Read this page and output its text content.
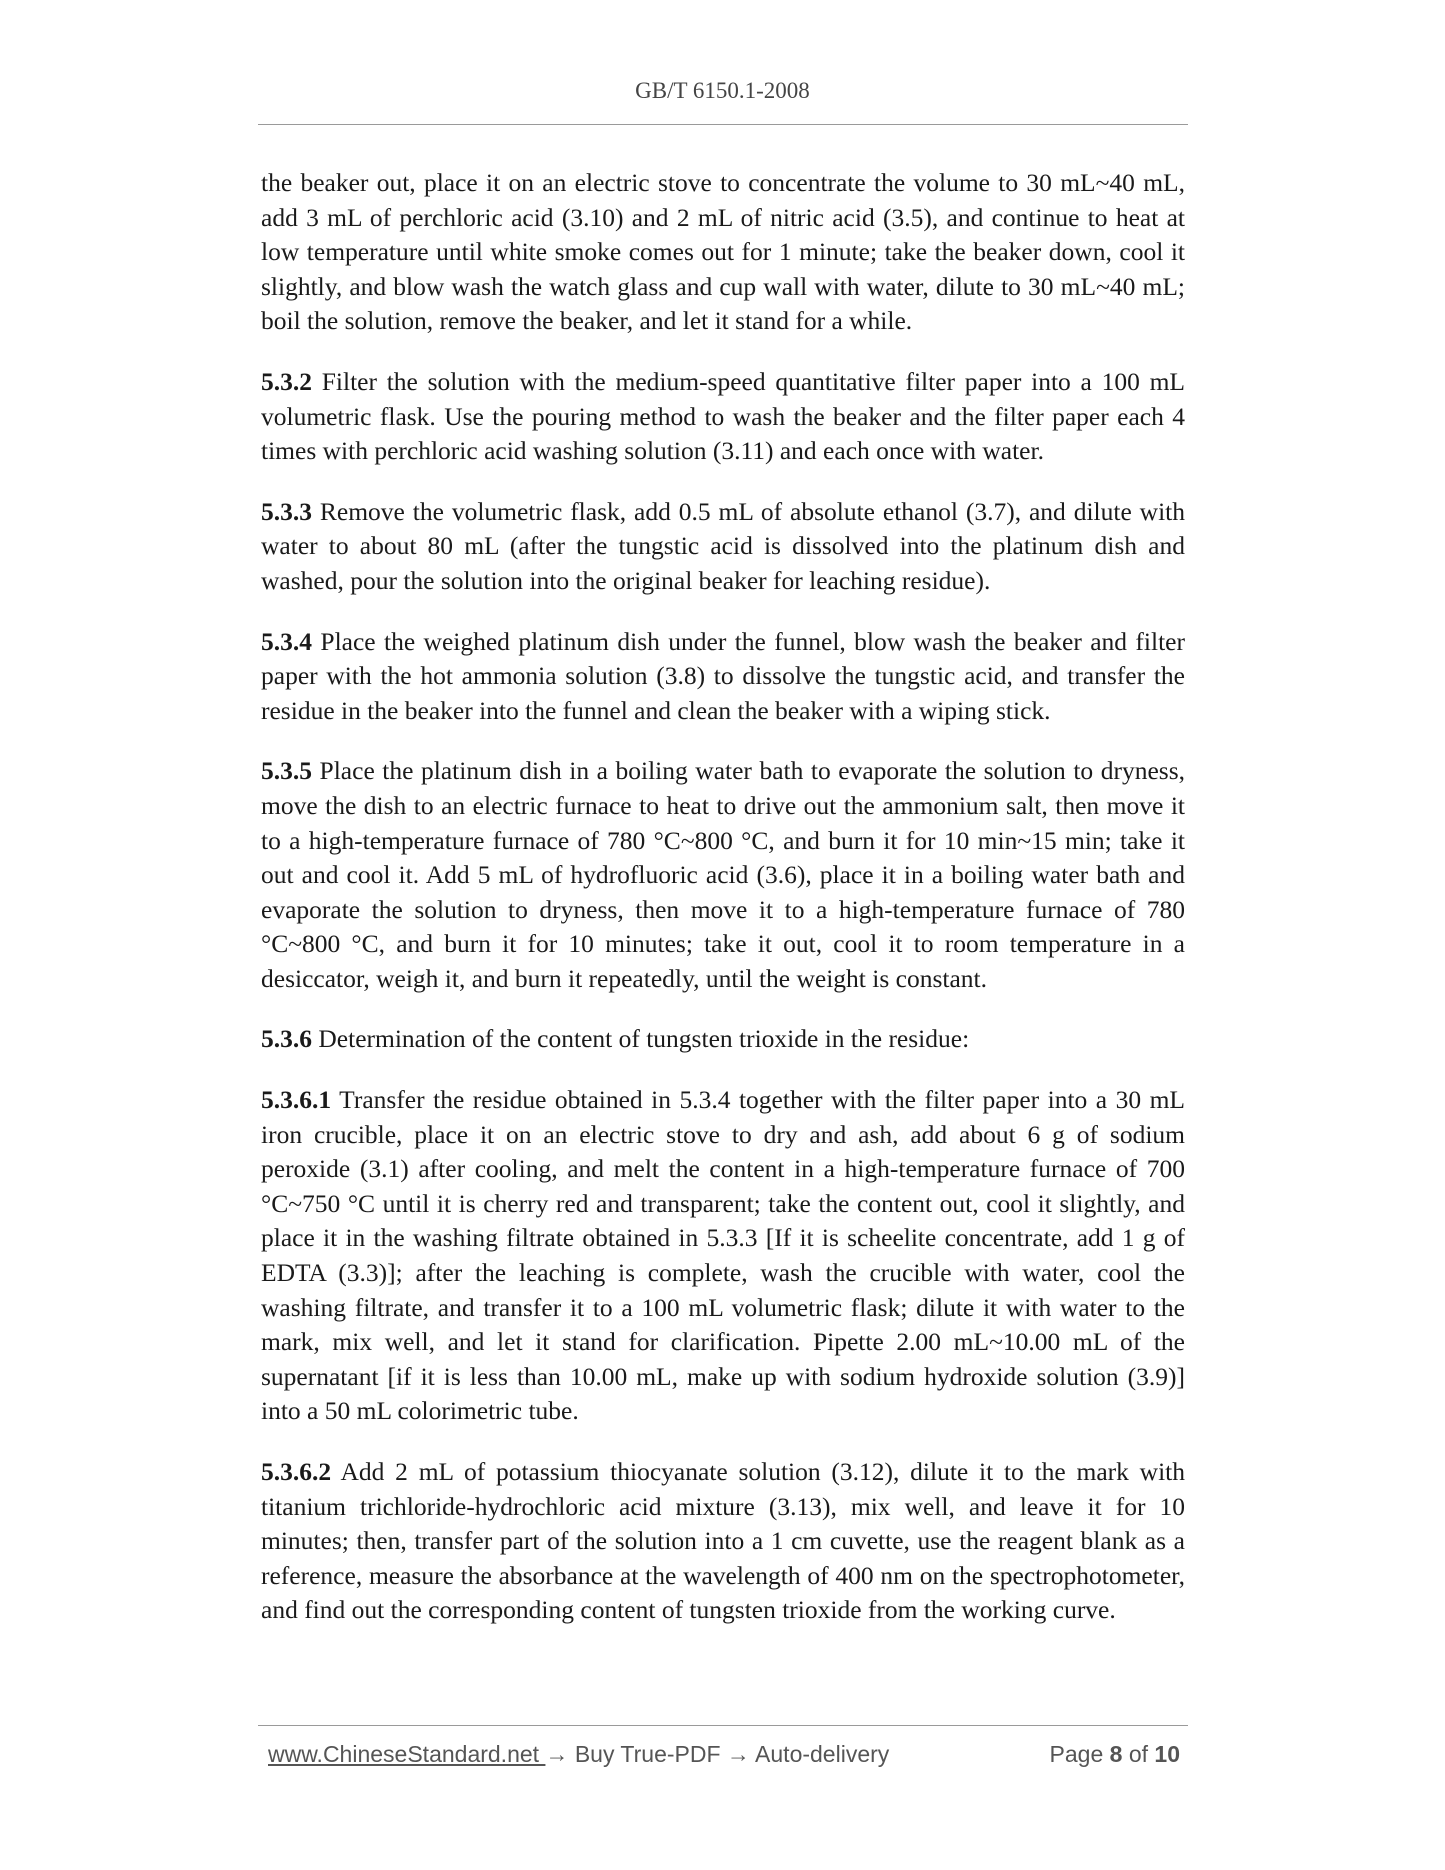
GB/T 6150.1-2008

the beaker out, place it on an electric stove to concentrate the volume to 30 mL~40 mL, add 3 mL of perchloric acid (3.10) and 2 mL of nitric acid (3.5), and continue to heat at low temperature until white smoke comes out for 1 minute; take the beaker down, cool it slightly, and blow wash the watch glass and cup wall with water, dilute to 30 mL~40 mL; boil the solution, remove the beaker, and let it stand for a while.

5.3.2 Filter the solution with the medium-speed quantitative filter paper into a 100 mL volumetric flask. Use the pouring method to wash the beaker and the filter paper each 4 times with perchloric acid washing solution (3.11) and each once with water.

5.3.3 Remove the volumetric flask, add 0.5 mL of absolute ethanol (3.7), and dilute with water to about 80 mL (after the tungstic acid is dissolved into the platinum dish and washed, pour the solution into the original beaker for leaching residue).

5.3.4 Place the weighed platinum dish under the funnel, blow wash the beaker and filter paper with the hot ammonia solution (3.8) to dissolve the tungstic acid, and transfer the residue in the beaker into the funnel and clean the beaker with a wiping stick.

5.3.5 Place the platinum dish in a boiling water bath to evaporate the solution to dryness, move the dish to an electric furnace to heat to drive out the ammonium salt, then move it to a high-temperature furnace of 780 °C~800 °C, and burn it for 10 min~15 min; take it out and cool it. Add 5 mL of hydrofluoric acid (3.6), place it in a boiling water bath and evaporate the solution to dryness, then move it to a high-temperature furnace of 780 °C~800 °C, and burn it for 10 minutes; take it out, cool it to room temperature in a desiccator, weigh it, and burn it repeatedly, until the weight is constant.

5.3.6 Determination of the content of tungsten trioxide in the residue:

5.3.6.1 Transfer the residue obtained in 5.3.4 together with the filter paper into a 30 mL iron crucible, place it on an electric stove to dry and ash, add about 6 g of sodium peroxide (3.1) after cooling, and melt the content in a high-temperature furnace of 700 °C~750 °C until it is cherry red and transparent; take the content out, cool it slightly, and place it in the washing filtrate obtained in 5.3.3 [If it is scheelite concentrate, add 1 g of EDTA (3.3)]; after the leaching is complete, wash the crucible with water, cool the washing filtrate, and transfer it to a 100 mL volumetric flask; dilute it with water to the mark, mix well, and let it stand for clarification. Pipette 2.00 mL~10.00 mL of the supernatant [if it is less than 10.00 mL, make up with sodium hydroxide solution (3.9)] into a 50 mL colorimetric tube.

5.3.6.2 Add 2 mL of potassium thiocyanate solution (3.12), dilute it to the mark with titanium trichloride-hydrochloric acid mixture (3.13), mix well, and leave it for 10 minutes; then, transfer part of the solution into a 1 cm cuvette, use the reagent blank as a reference, measure the absorbance at the wavelength of 400 nm on the spectrophotometer, and find out the corresponding content of tungsten trioxide from the working curve.

www.ChineseStandard.net → Buy True-PDF → Auto-delivery	Page 8 of 10
